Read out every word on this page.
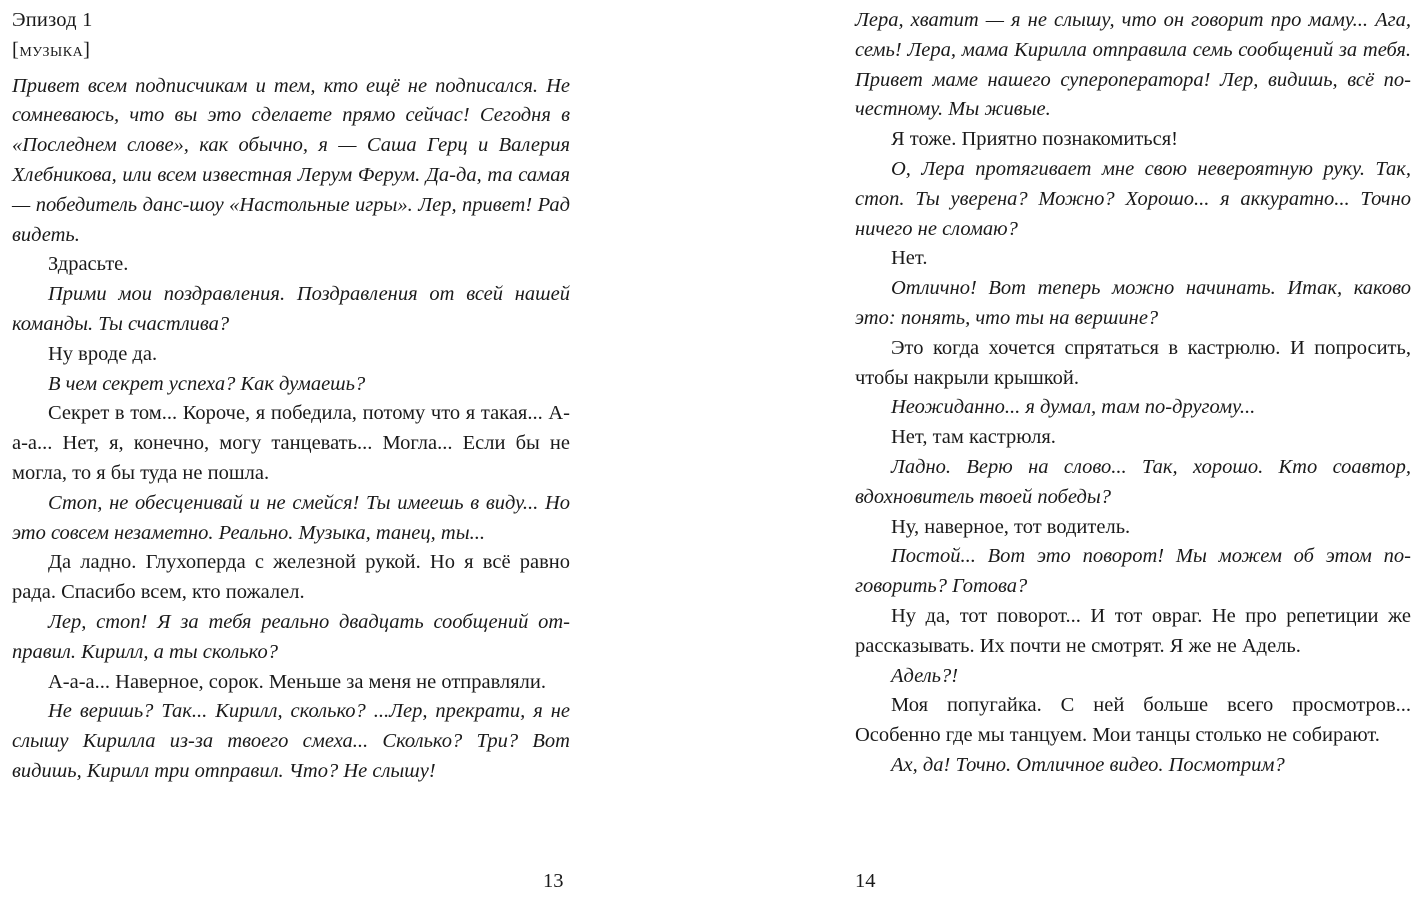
Эпизод 1

[музыка]

Привет всем подписчикам и тем, кто ещё не подписался. Не сомневаюсь, что вы это сделаете прямо сейчас! Сегодня в «Последнем слове», как обычно, я — Саша Герц и Валерия Хлебникова, или всем известная Лерум Ферум. Да-да, та самая — победитель данс-шоу «Настольные игры». Лер, привет! Рад видеть.

Здрасьте.

Прими мои поздравления. Поздравления от всей нашей команды. Ты счастлива?

Ну вроде да.

В чем секрет успеха? Как думаешь?

Секрет в том... Короче, я победила, потому что я такая... А-а-а... Нет, я, конечно, могу танцевать... Могла... Если бы не могла, то я бы туда не пошла.

Стоп, не обесценивай и не смейся! Ты имеешь в виду... Но это совсем незаметно. Реально. Музыка, танец, ты...

Да ладно. Глухоперда с железной рукой. Но я всё равно рада. Спасибо всем, кто пожалел.

Лер, стоп! Я за тебя реально двадцать сообщений отправил. Кирилл, а ты сколько?

А-а-а... Наверное, сорок. Меньше за меня не отправляли.

Не веришь? Так... Кирилл, сколько? ...Лер, прекрати, я не слышу Кирилла из-за твоего смеха... Сколько? Три? Вот видишь, Кирилл три отправил. Что? Не слышу!

13

Лера, хватит — я не слышу, что он говорит про маму... Ага, семь! Лера, мама Кирилла отправила семь сообщений за тебя. Привет маме нашего супероператора! Лер, видишь, всё по-честному. Мы живые.

Я тоже. Приятно познакомиться!

О, Лера протягивает мне свою невероятную руку. Так, стоп. Ты уверена? Можно? Хорошо... я аккуратно... Точно ничего не сломаю?

Нет.

Отлично! Вот теперь можно начинать. Итак, каково это: понять, что ты на вершине?

Это когда хочется спрятаться в кастрюлю. И попросить, чтобы накрыли крышкой.

Неожиданно... я думал, там по-другому...

Нет, там кастрюля.

Ладно. Верю на слово... Так, хорошо. Кто соавтор, вдохновитель твоей победы?

Ну, наверное, тот водитель.

Постой... Вот это поворот! Мы можем об этом поговорить? Готова?

Ну да, тот поворот... И тот овраг. Не про репетиции же рассказывать. Их почти не смотрят. Я же не Адель.

Адель?!

Моя попугайка. С ней больше всего просмотров... Особенно где мы танцуем. Мои танцы столько не собирают.

Ах, да! Точно. Отличное видео. Посмотрим?

14
